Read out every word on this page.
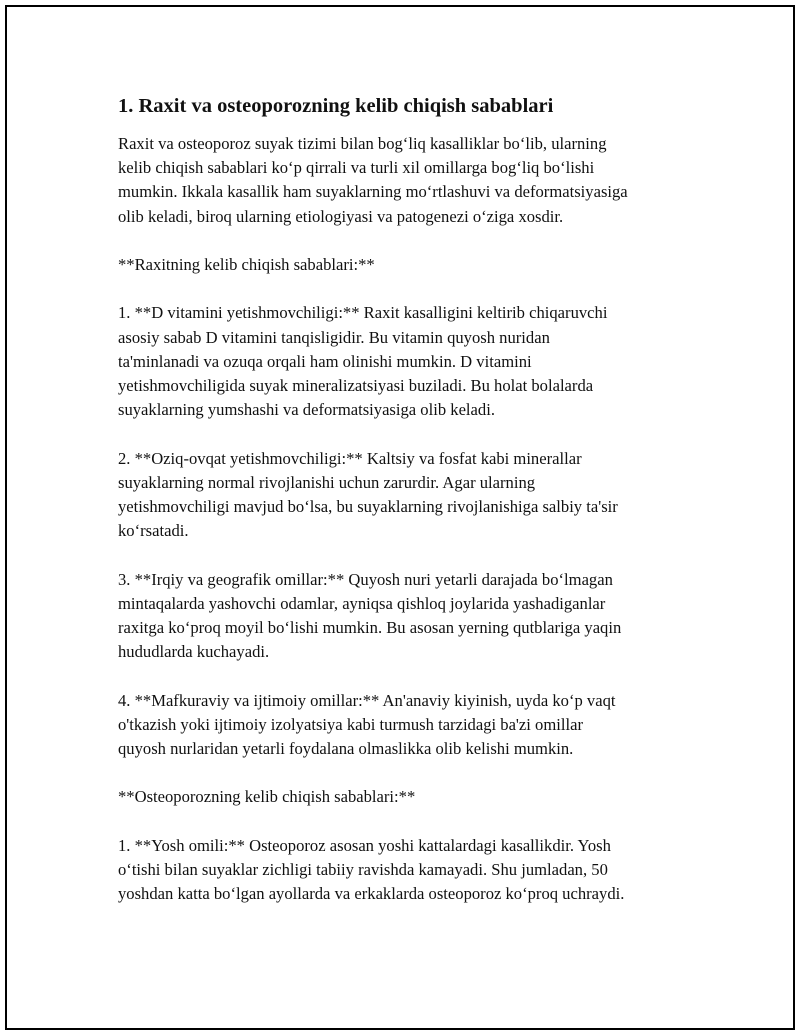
1. Raxit va osteoporozning kelib chiqish sabablari

Raxit va osteoporoz suyak tizimi bilan bog‘liq kasalliklar bo‘lib, ularning
kelib chiqish sabablari ko‘p qirrali va turli xil omillarga bog‘liq bo‘lishi
mumkin. Ikkala kasallik ham suyaklarning mo‘rtlashuvi va deformatsiyasiga
olib keladi, biroq ularning etiologiyasi va patogenezi o‘ziga xosdir.

**Raxitning kelib chiqish sabablari:**

1. **D vitamini yetishmovchiligi:** Raxit kasalligini keltirib chiqaruvchi
asosiy sabab D vitamini tanqisligidir. Bu vitamin quyosh nuridan
ta'minlanadi va ozuqa orqali ham olinishi mumkin. D vitamini
yetishmovchiligida suyak mineralizatsiyasi buziladi. Bu holat bolalarda
suyaklarning yumshashi va deformatsiyasiga olib keladi.

2. **Oziq-ovqat yetishmovchiligi:** Kaltsiy va fosfat kabi minerallar
suyaklarning normal rivojlanishi uchun zarurdir. Agar ularning
yetishmovchiligi mavjud bo‘lsa, bu suyaklarning rivojlanishiga salbiy ta'sir
ko‘rsatadi.

3. **Irqiy va geografik omillar:** Quyosh nuri yetarli darajada bo‘lmagan
mintaqalarda yashovchi odamlar, ayniqsa qishloq joylarida yashadiganlar
raxitga ko‘proq moyil bo‘lishi mumkin. Bu asosan yerning qutblariga yaqin
hududlarda kuchayadi.

4. **Mafkuraviy va ijtimoiy omillar:** An'anaviy kiyinish, uyda ko‘p vaqt
o'tkazish yoki ijtimoiy izolyatsiya kabi turmush tarzidagi ba'zi omillar
quyosh nurlaridan yetarli foydalana olmaslikka olib kelishi mumkin.

**Osteoporozning kelib chiqish sabablari:**

1. **Yosh omili:** Osteoporoz asosan yoshi kattalardagi kasallikdir. Yosh
o‘tishi bilan suyaklar zichligi tabiiy ravishda kamayadi. Shu jumladan, 50
yoshdan katta bo‘lgan ayollarda va erkaklarda osteoporoz ko‘proq uchraydi.
